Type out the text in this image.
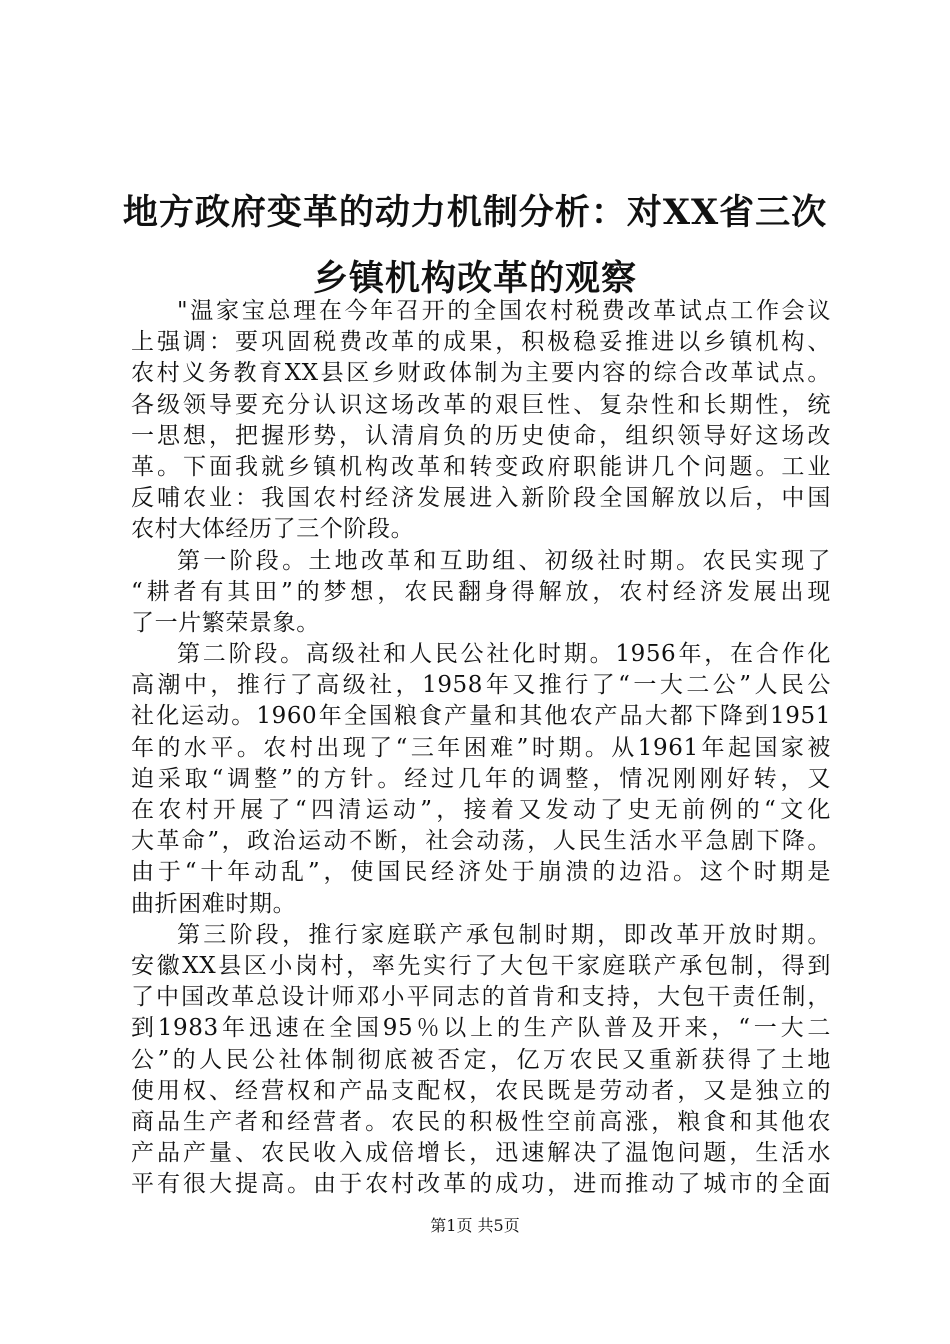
地方政府变革的动力机制分析：对XX省三次
乡镇机构改革的观察
"温家宝总理在今年召开的全国农村税费改革试点工作会议
上强调：要巩固税费改革的成果，积极稳妥推进以乡镇机构、
农村义务教育XX县区乡财政体制为主要内容的综合改革试点。
各级领导要充分认识这场改革的艰巨性、复杂性和长期性，统
一思想，把握形势，认清肩负的历史使命，组织领导好这场改
革。下面我就乡镇机构改革和转变政府职能讲几个问题。工业
反哺农业：我国农村经济发展进入新阶段全国解放以后，中国
农村大体经历了三个阶段。
第一阶段。土地改革和互助组、初级社时期。农民实现了
“耕者有其田”的梦想，农民翻身得解放，农村经济发展出现
了一片繁荣景象。
第二阶段。高级社和人民公社化时期。1956年，在合作化
高潮中，推行了高级社，1958年又推行了“一大二公”人民公
社化运动。1960年全国粮食产量和其他农产品大都下降到1951
年的水平。农村出现了“三年困难”时期。从1961年起国家被
迫采取“调整”的方针。经过几年的调整，情况刚刚好转，又
在农村开展了“四清运动”，接着又发动了史无前例的“文化
大革命”，政治运动不断，社会动荡，人民生活水平急剧下降。
由于“十年动乱”，使国民经济处于崩溃的边沿。这个时期是
曲折困难时期。
第三阶段，推行家庭联产承包制时期，即改革开放时期。
安徽XX县区小岗村，率先实行了大包干家庭联产承包制，得到
了中国改革总设计师邓小平同志的首肯和支持，大包干责任制，
到1983年迅速在全国95％以上的生产队普及开来，“一大二
公”的人民公社体制彻底被否定，亿万农民又重新获得了土地
使用权、经营权和产品支配权，农民既是劳动者，又是独立的
商品生产者和经营者。农民的积极性空前高涨，粮食和其他农
产品产量、农民收入成倍增长，迅速解决了温饱问题，生活水
平有很大提高。由于农村改革的成功，进而推动了城市的全面
第1页 共5页
